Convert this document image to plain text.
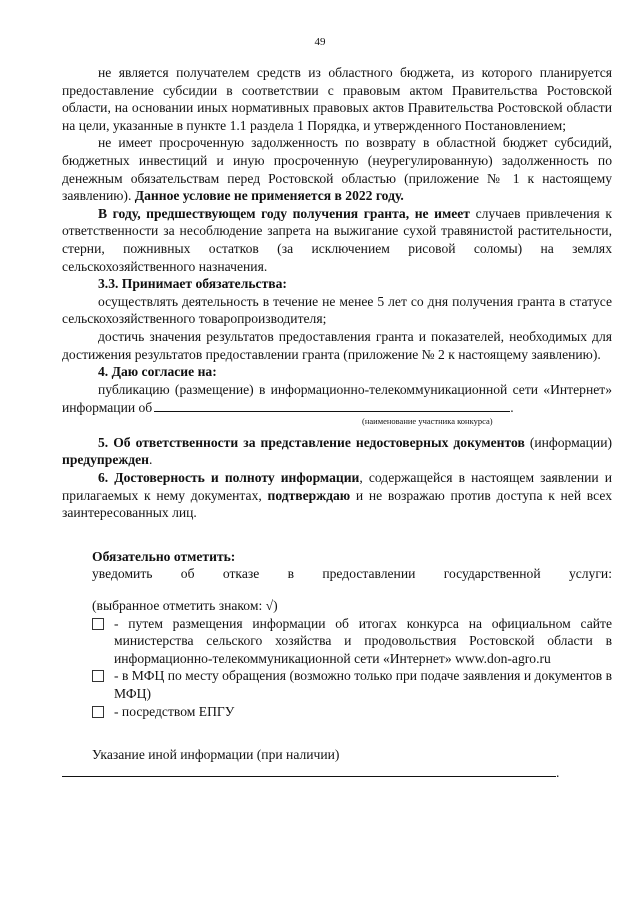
49

не является получателем средств из областного бюджета, из которого планируется предоставление субсидии в соответствии с правовым актом Правительства Ростовской области, на основании иных нормативных правовых актов Правительства Ростовской области на цели, указанные в пункте 1.1 раздела 1 Порядка, и утвержденного Постановлением;

не имеет просроченную задолженность по возврату в областной бюджет субсидий, бюджетных инвестиций и иную просроченную (неурегулированную) задолженность по денежным обязательствам перед Ростовской областью (приложение № 1 к настоящему заявлению). Данное условие не применяется в 2022 году.

В году, предшествующем году получения гранта, не имеет случаев привлечения к ответственности за несоблюдение запрета на выжигание сухой травянистой растительности, стерни, пожнивных остатков (за исключением рисовой соломы) на землях сельскохозяйственного назначения.

3.3. Принимает обязательства:

осуществлять деятельность в течение не менее 5 лет со дня получения гранта в статусе сельскохозяйственного товаропроизводителя;

достичь значения результатов предоставления гранта и показателей, необходимых для достижения результатов предоставлении гранта (приложение № 2 к настоящему заявлению).

4. Даю согласие на:

публикацию (размещение) в информационно-телекоммуникационной сети «Интернет» информации об	.

(наименование участника конкурса)

5. Об ответственности за представление недостоверных документов (информации) предупрежден.

6. Достоверность и полноту информации, содержащейся в настоящем заявлении и прилагаемых к нему документах, подтверждаю и не возражаю против доступа к ней всех заинтересованных лиц.

Обязательно отметить:

уведомить об отказе в предоставлении государственной услуги:

(выбранное отметить знаком: √)

- путем размещения информации об итогах конкурса на официальном сайте министерства сельского хозяйства и продовольствия Ростовской области в информационно-телекоммуникационной сети «Интернет» www.don-agro.ru
- в МФЦ по месту обращения (возможно только при подаче заявления и документов в МФЦ)
- посредством ЕПГУ

Указание иной информации (при наличии)

.
